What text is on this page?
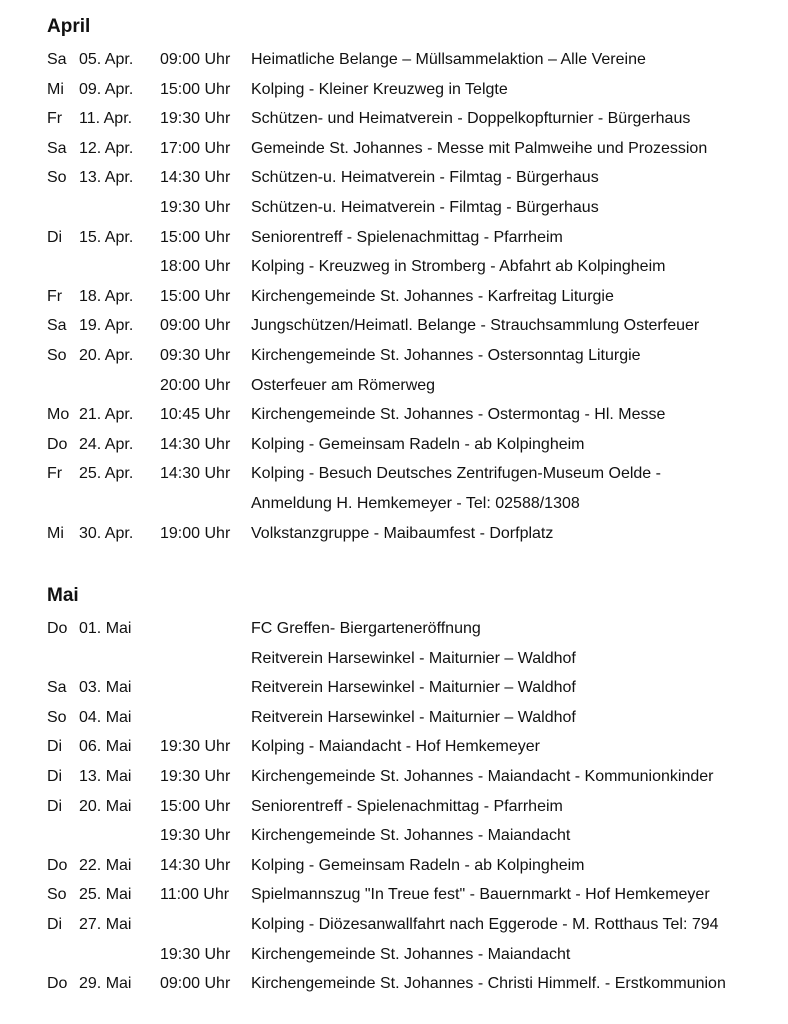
April
Sa 05. Apr. 09:00 Uhr Heimatliche Belange – Müllsammelaktion – Alle Vereine
Mi 09. Apr. 15:00 Uhr Kolping - Kleiner Kreuzweg in Telgte
Fr 11. Apr. 19:30 Uhr Schützen- und Heimatverein - Doppelkopfturnier - Bürgerhaus
Sa 12. Apr. 17:00 Uhr Gemeinde St. Johannes - Messe mit Palmweihe und Prozession
So 13. Apr. 14:30 Uhr Schützen-u. Heimatverein - Filmtag - Bürgerhaus
19:30 Uhr Schützen-u. Heimatverein - Filmtag - Bürgerhaus
Di 15. Apr. 15:00 Uhr Seniorentreff - Spielenachmittag - Pfarrheim
18:00 Uhr Kolping - Kreuzweg in Stromberg - Abfahrt ab Kolpingheim
Fr 18. Apr. 15:00 Uhr Kirchengemeinde St. Johannes - Karfreitag Liturgie
Sa 19. Apr. 09:00 Uhr Jungschützen/Heimatl. Belange - Strauchsammlung Osterfeuer
So 20. Apr. 09:30 Uhr Kirchengemeinde St. Johannes - Ostersonntag Liturgie
20:00 Uhr Osterfeuer am Römerweg
Mo 21. Apr. 10:45 Uhr Kirchengemeinde St. Johannes - Ostermontag - Hl. Messe
Do 24. Apr. 14:30 Uhr Kolping - Gemeinsam Radeln - ab Kolpingheim
Fr 25. Apr. 14:30 Uhr Kolping - Besuch Deutsches Zentrifugen-Museum Oelde -
Anmeldung H. Hemkemeyer - Tel: 02588/1308
Mi 30. Apr. 19:00 Uhr Volkstanzgruppe - Maibaumfest - Dorfplatz
Mai
Do 01. Mai	FC Greffen- Biergarteneröffnung
Reitverein Harsewinkel - Maiturnier – Waldhof
Sa 03. Mai	Reitverein Harsewinkel - Maiturnier – Waldhof
So 04. Mai	Reitverein Harsewinkel - Maiturnier – Waldhof
Di 06. Mai 19:30 Uhr Kolping - Maiandacht - Hof Hemkemeyer
Di 13. Mai 19:30 Uhr Kirchengemeinde St. Johannes - Maiandacht - Kommunionkinder
Di 20. Mai 15:00 Uhr Seniorentreff - Spielenachmittag - Pfarrheim
19:30 Uhr Kirchengemeinde St. Johannes - Maiandacht
Do 22. Mai 14:30 Uhr Kolping - Gemeinsam Radeln - ab Kolpingheim
So 25. Mai 11:00 Uhr Spielmannszug "In Treue fest" - Bauernmarkt - Hof Hemkemeyer
Di 27. Mai	Kolping - Diözesanwallfahrt nach Eggerode - M. Rotthaus Tel: 794
19:30 Uhr Kirchengemeinde St. Johannes - Maiandacht
Do 29. Mai 09:00 Uhr Kirchengemeinde St. Johannes - Christi Himmelf. - Erstkommunion
